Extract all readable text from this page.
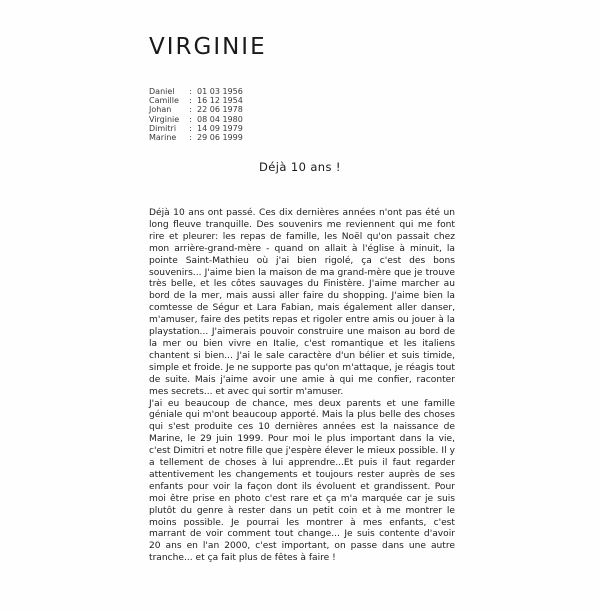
VIRGINIE
Daniel	: 01 03 1956
Camille	: 16 12 1954
Johan	: 22 06 1978
Virginie	: 08 04 1980
Dimitri	: 14 09 1979
Marine	: 29 06 1999
Déjà 10 ans !

Déjà 10 ans ont passé. Ces dix dernières années n'ont pas été un long fleuve tranquille. Des souvenirs me reviennent qui me font rire et pleurer: les repas de famille, les Noël qu'on passait chez mon arrière-grand-mère - quand on allait à l'église à minuit, la pointe Saint-Mathieu où j'ai bien rigolé, ça c'est des bons souvenirs... J'aime bien la maison de ma grand-mère que je trouve très belle, et les côtes sauvages du Finistère. J'aime marcher au bord de la mer, mais aussi aller faire du shopping. J'aime bien la comtesse de Ségur et Lara Fabian, mais également aller danser, m'amuser, faire des petits repas et rigoler entre amis ou jouer à la playstation... J'aimerais pouvoir construire une maison au bord de la mer ou bien vivre en Italie, c'est romantique et les italiens chantent si bien... J'ai le sale caractère d'un bélier et suis timide, simple et froide. Je ne supporte pas qu'on m'attaque, je réagis tout de suite. Mais j'aime avoir une amie à qui me confier, raconter mes secrets... et avec qui sortir m'amuser.

J'ai eu beaucoup de chance, mes deux parents et une famille géniale qui m'ont beaucoup apporté. Mais la plus belle des choses qui s'est produite ces 10 dernières années est la naissance de Marine, le 29 juin 1999. Pour moi le plus important dans la vie, c'est Dimitri et notre fille que j'espère élever le mieux possible. Il y a tellement de choses à lui apprendre...Et puis il faut regarder attentivement les changements et toujours rester auprès de ses enfants pour voir la façon dont ils évoluent et grandissent. Pour moi être prise en photo c'est rare et ça m'a marquée car je suis plutôt du genre à rester dans un petit coin et à me montrer le moins possible. Je pourrai les montrer à mes enfants, c'est marrant de voir comment tout change... Je suis contente d'avoir 20 ans en l'an 2000, c'est important, on passe dans une autre tranche... et ça fait plus de fêtes à faire !
